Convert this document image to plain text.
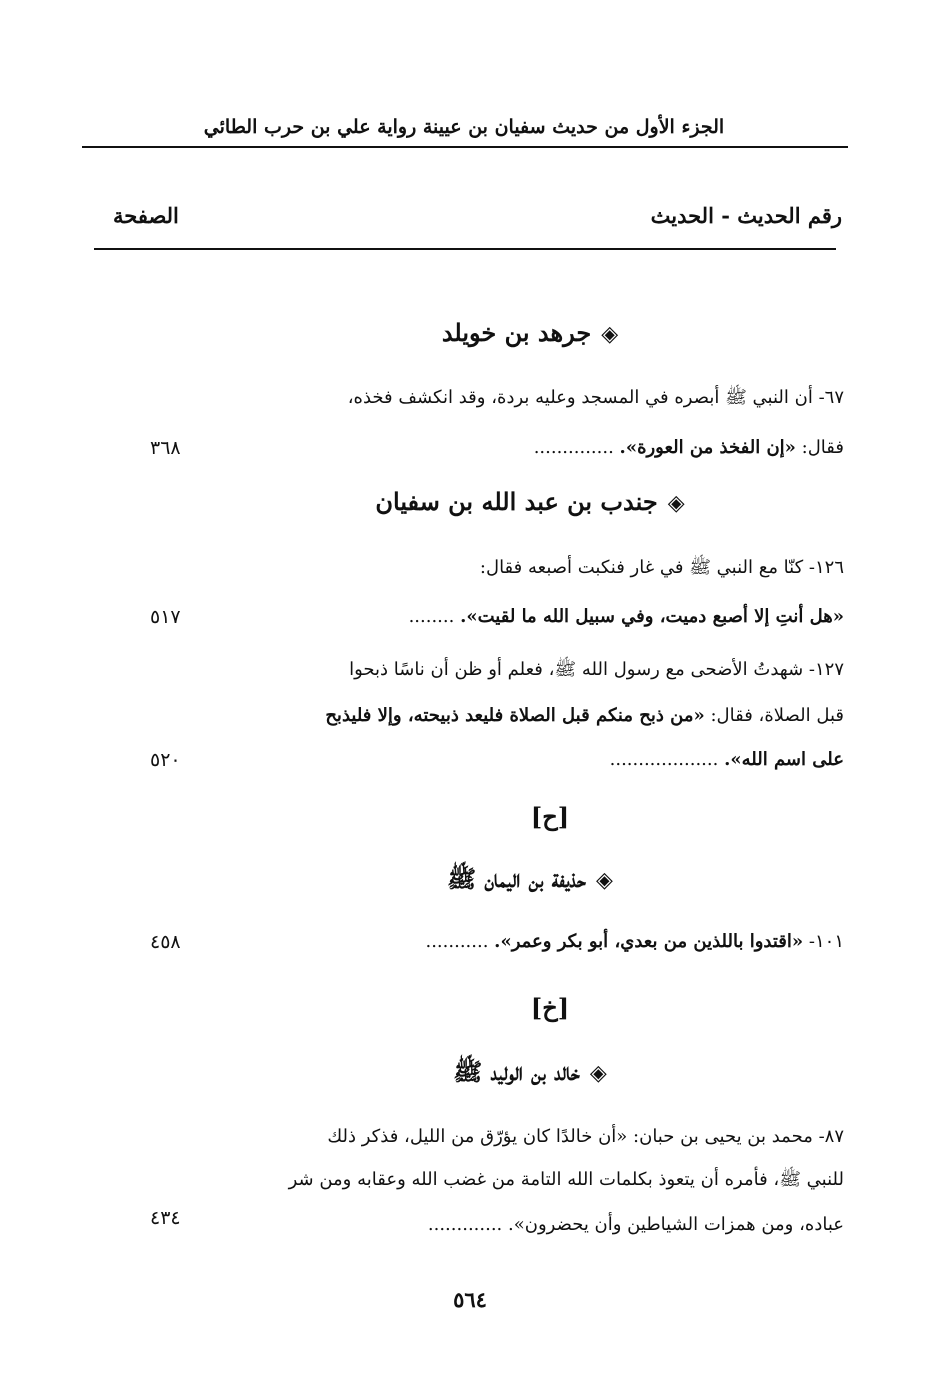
الجزء الأول من حديث سفيان بن عيينة رواية علي بن حرب الطائي
رقم الحديث - الحديث
الصفحة
◈جرهد بن خويلد
٦٧- أن النبي ﷺ أبصره في المسجد وعليه بردة، وقد انكشف فخذه،
فقال: «إن الفخذ من العورة». ..............
٣٦٨
◈جندب بن عبد الله بن سفيان
١٢٦- كنّا مع النبي ﷺ في غار فنكبت أصبعه فقال:
«هل أنتِ إلا أصبع دميت، وفي سبيل الله ما لقيت». ........
٥١٧
١٢٧- شهدتُ الأضحى مع رسول الله ﷺ، فعلم أو ظن أن ناسًا ذبحوا
قبل الصلاة، فقال: «من ذبح منكم قبل الصلاة فليعد ذبيحته، وإلا فليذبح
على اسم الله». ...................
٥٢٠
[ح]
◈حذيفة بن اليمان ﷺ
١٠١- «اقتدوا باللذين من بعدي، أبو بكر وعمر». ...........
٤٥٨
[خ]
◈خالد بن الوليد ﷺ
٨٧- محمد بن يحيى بن حبان: «أن خالدًا كان يؤرّق من الليل، فذكر ذلك
للنبي ﷺ، فأمره أن يتعوذ بكلمات الله التامة من غضب الله وعقابه ومن شر
عباده، ومن همزات الشياطين وأن يحضرون». .............
٤٣٤
٥٦٤
